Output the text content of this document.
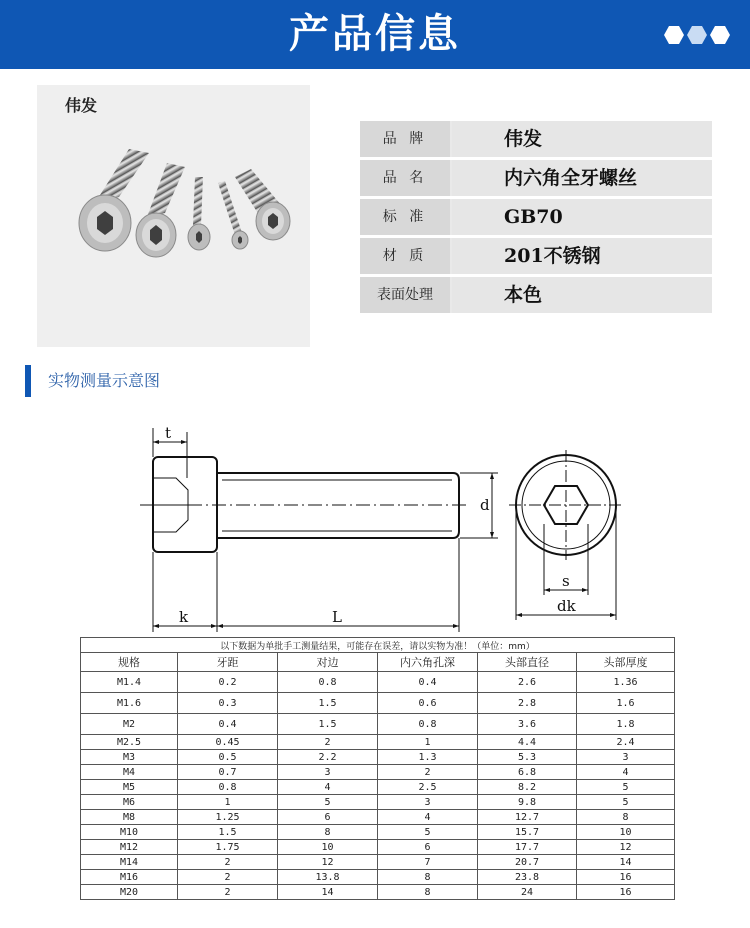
产品信息
伟发
品 牌	伟发
品 名	内六角全牙螺丝
标 准	GB70
材 质	201不锈钢
表面处理	本色
实物测量示意图
t
d
k	L
s
dk
以下数据为单批手工测量结果，可能存在误差，请以实物为准！（单位：mm）					
规格	牙距	对边	内六角孔深	头部直径	头部厚度
M1.4	0.2	0.8	0.4	2.6	1.36
M1.6	0.3	1.5	0.6	2.8	1.6
M2	0.4	1.5	0.8	3.6	1.8
M2.5	0.45	2	1	4.4	2.4
M3	0.5	2.2	1.3	5.3	3
M4	0.7	3	2	6.8	4
M5	0.8	4	2.5	8.2	5
M6	1	5	3	9.8	5
M8	1.25	6	4	12.7	8
M10	1.5	8	5	15.7	10
M12	1.75	10	6	17.7	12
M14	2	12	7	20.7	14
M16	2	13.8	8	23.8	16
M20	2	14	8	24	16
